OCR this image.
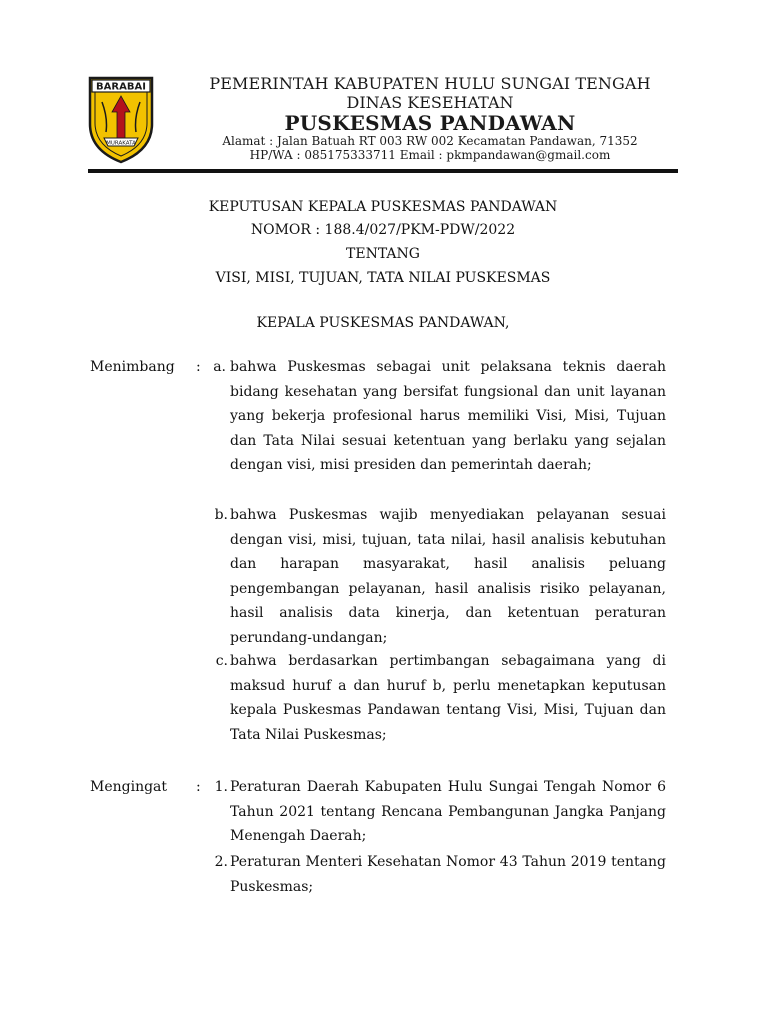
BARABAI
MURAKATA
PEMERINTAH KABUPATEN HULU SUNGAI TENGAH
DINAS KESEHATAN
PUSKESMAS PANDAWAN
Alamat : Jalan Batuah RT 003 RW 002 Kecamatan Pandawan, 71352
HP/WA : 085175333711 Email : pkmpandawan@gmail.com
KEPUTUSAN KEPALA PUSKESMAS PANDAWAN
NOMOR : 188.4/027/PKM-PDW/2022
TENTANG
VISI, MISI, TUJUAN, TATA NILAI PUSKESMAS
KEPALA PUSKESMAS PANDAWAN,
Menimbang : a. bahwa Puskesmas sebagai unit pelaksana teknis daerah bidang kesehatan yang bersifat fungsional dan unit layanan yang bekerja profesional harus memiliki Visi, Misi, Tujuan dan Tata Nilai sesuai ketentuan yang berlaku yang sejalan dengan visi, misi presiden dan pemerintah daerah;
b. bahwa Puskesmas wajib menyediakan pelayanan sesuai dengan visi, misi, tujuan, tata nilai, hasil analisis kebutuhan dan harapan masyarakat, hasil analisis peluang pengembangan pelayanan, hasil analisis risiko pelayanan, hasil analisis data kinerja, dan ketentuan peraturan perundang-undangan;
c. bahwa berdasarkan pertimbangan sebagaimana yang di maksud huruf a dan huruf b, perlu menetapkan keputusan kepala Puskesmas Pandawan tentang Visi, Misi, Tujuan dan Tata Nilai Puskesmas;
Mengingat : 1. Peraturan Daerah Kabupaten Hulu Sungai Tengah Nomor 6 Tahun 2021 tentang Rencana Pembangunan Jangka Panjang Menengah Daerah;
2. Peraturan Menteri Kesehatan Nomor 43 Tahun 2019 tentang Puskesmas;
